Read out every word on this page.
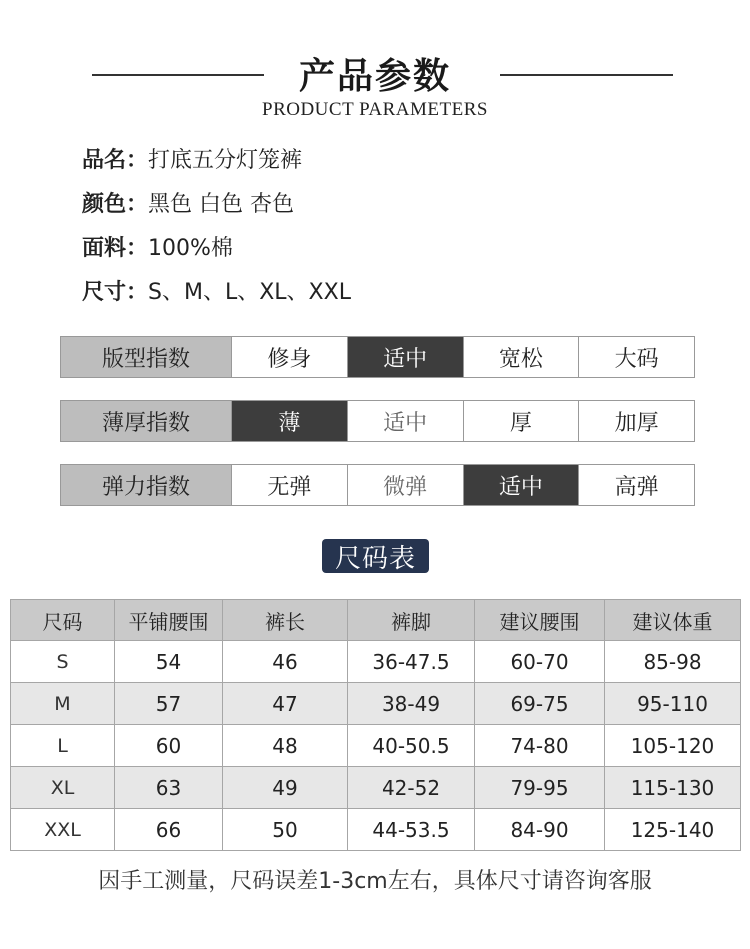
产品参数
PRODUCT PARAMETERS
品名：打底五分灯笼裤
颜色：黑色 白色 杏色
面料：100%棉
尺寸：S、M、L、XL、XXL
版型指数	修身	适中	宽松	大码
薄厚指数	薄	适中	厚	加厚
弹力指数	无弹	微弹	适中	高弹
尺码表
尺码	平铺腰围	裤长	裤脚	建议腰围	建议体重
S	54	46	36-47.5	60-70	85-98
M	57	47	38-49	69-75	95-110
L	60	48	40-50.5	74-80	105-120
XL	63	49	42-52	79-95	115-130
XXL	66	50	44-53.5	84-90	125-140
因手工测量，尺码误差1-3cm左右，具体尺寸请咨询客服
